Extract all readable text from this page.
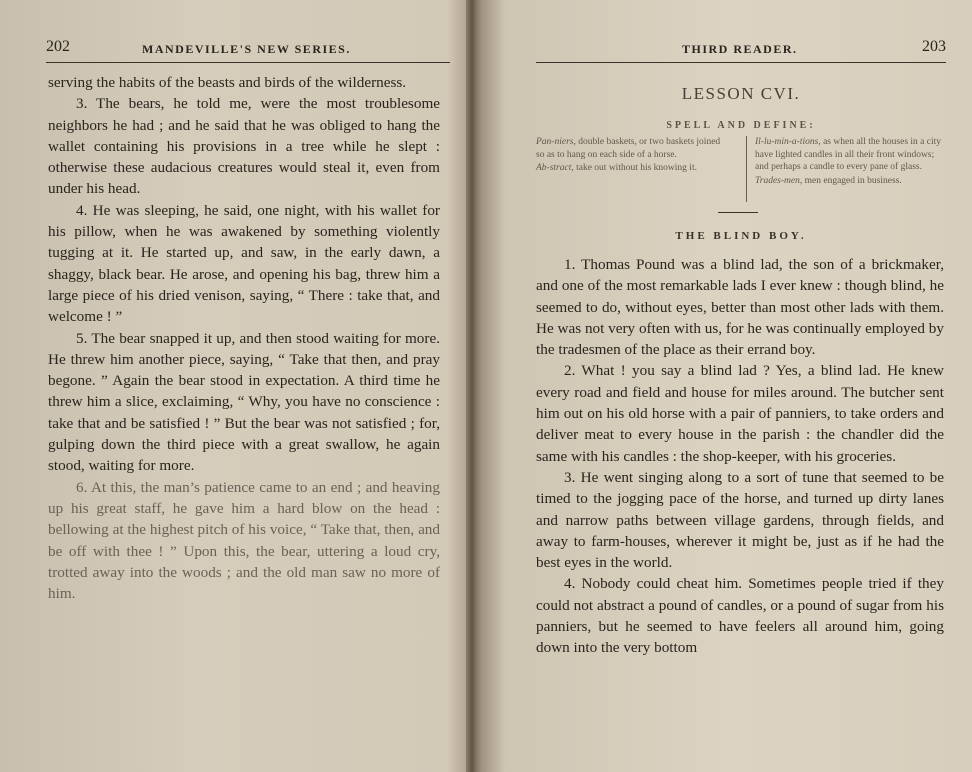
202	MANDEVILLE'S NEW SERIES.

serving the habits of the beasts and birds of the wilderness.

3. The bears, he told me, were the most troublesome neighbors he had ; and he said that he was obliged to hang the wallet containing his provisions in a tree while he slept : otherwise these audacious creatures would steal it, even from under his head.

4. He was sleeping, he said, one night, with his wallet for his pillow, when he was awakened by something violently tugging at it. He started up, and saw, in the early dawn, a shaggy, black bear. He arose, and opening his bag, threw him a large piece of his dried venison, saying, “ There : take that, and welcome ! ”

5. The bear snapped it up, and then stood waiting for more. He threw him another piece, saying, “ Take that then, and pray begone. ” Again the bear stood in expectation. A third time he threw him a slice, exclaiming, “ Why, you have no conscience : take that and be satisfied ! ” But the bear was not satisfied ; for, gulping down the third piece with a great swallow, he again stood, waiting for more.

6. At this, the man’s patience came to an end ; and heaving up his great staff, he gave him a hard blow on the head : bellowing at the highest pitch of his voice, “ Take that, then, and be off with thee ! ” Upon this, the bear, uttering a loud cry, trotted away into the woods ; and the old man saw no more of him.

THIRD READER.	203
LESSON CVI.
SPELL AND DEFINE:
Pan-niers, double baskets, or two baskets joined so as to hang on each side of a horse.
Ab-stract, take out without his knowing it.
Il-lu-min-a-tions, as when all the houses in a city have lighted candles in all their front windows; and perhaps a candle to every pane of glass.
Trades-men, men engaged in business.
THE BLIND BOY.

1. Thomas Pound was a blind lad, the son of a brickmaker, and one of the most remarkable lads I ever knew : though blind, he seemed to do, without eyes, better than most other lads with them. He was not very often with us, for he was continually employed by the tradesmen of the place as their errand boy.

2. What ! you say a blind lad ? Yes, a blind lad. He knew every road and field and house for miles around. The butcher sent him out on his old horse with a pair of panniers, to take orders and deliver meat to every house in the parish : the chandler did the same with his candles : the shop-keeper, with his groceries.

3. He went singing along to a sort of tune that seemed to be timed to the jogging pace of the horse, and turned up dirty lanes and narrow paths between village gardens, through fields, and away to farm-houses, wherever it might be, just as if he had the best eyes in the world.

4. Nobody could cheat him. Sometimes people tried if they could not abstract a pound of candles, or a pound of sugar from his panniers, but he seemed to have feelers all around him, going down into the very bottom
